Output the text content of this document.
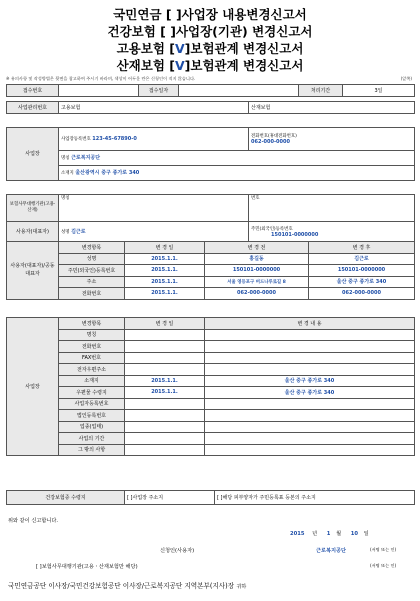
국민연금 [ ]사업장 내용변경신고서
건강보험 [ ]사업장(기관) 변경신고서
고용보험 [V]보험관계 변경신고서
산재보험 [V]보험관계 변경신고서
※ 유의사항 및 작성방법은 뒷면을 참고하여 주시기 바라며, 색상이 어두운 란은 신청인이 적지 않습니다.	(앞쪽)
접수번호		접수일자		처리기간	3일
사업관리번호	고용보험	산재보험

사업장	사업장등록번호 123-45-67890-0	전화번호(휴대전화번호)
062-000-0000

	명칭 근로복지공단	
	소재지 울산광역시 중구 종가로 340	

보험사무대행기관(고용·산재)	명칭	번호
사용자(대표자)	성명 김근로	주민(외국인)등록번호
150101-0000000
사용자(대표자)/공동대표자	변경항목	변 경 일	변 경 전	변 경 후
	성명	2015.1.1.	홍길동	김근로
	주민(외국인)등록번호	2015.1.1.	150101-0000000	150101-0000000
	주소	2015.1.1.	서울 영등포구 버드나루로길 8	울산 중구 종가로 340
	전화번호	2015.1.1.	062-000-0000	062-000-0000
사업장	변경항목	변 경 일	변 경 내 용
	명칭		
	전화번호		
	FAX번호		
	전자우편주소		
	소재지	2015.1.1.	울산 중구 종가로 340
	우편물 수령지	2015.1.1.	울산 중구 종가로 340
	사업자등록번호		
	법인등록번호		
	업종(업태)		
	사업의 기간		
	그 밖의 사항		
건강보험증 수령지	[ ]사업장 주소지	[ ]해당 피부양자가 주민등록표 등본의 주소지
위와 같이 신고합니다.
2015 년 1 월 10 일
신청인(사용자)	근로복지공단	(서명 또는 인)
[ ]보험사무대행기관(고용ㆍ산재보험만 해당)	(서명 또는 인)
국민연금공단 이사장/국민건강보험공단 이사장/근로복지공단 지역본부(지사)장 귀하
